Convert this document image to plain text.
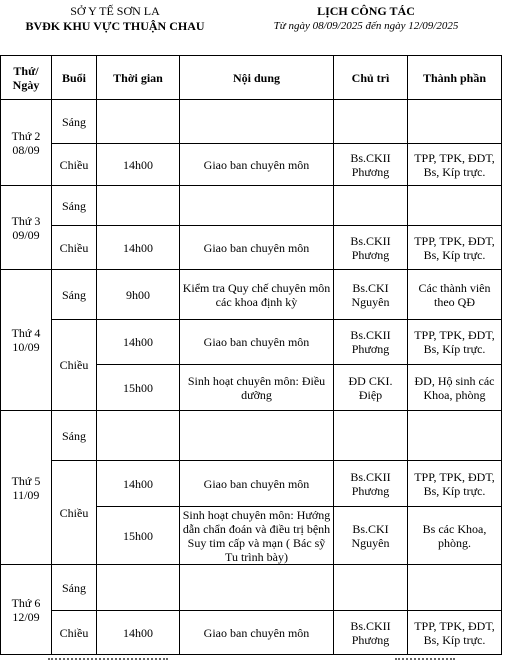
SỞ Y TẾ SƠN LA
BVĐK KHU VỰC THUẬN CHAU
LỊCH CÔNG TÁC
Từ ngày 08/09/2025 đến ngày 12/09/2025
Thứ/ Ngày	Buổi	Thời gian	Nội dung	Chủ trì	Thành phần
Thứ 2 08/09	Sáng				
	Chiều	14h00	Giao ban chuyên môn	Bs.CKII Phương	TPP, TPK, ĐDT, Bs, Kíp trực.
Thứ 3 09/09	Sáng				
	Chiều	14h00	Giao ban chuyên môn	Bs.CKII Phương	TPP, TPK, ĐDT, Bs, Kíp trực.
Thứ 4 10/09	Sáng	9h00	Kiểm tra Quy chế chuyên môn các khoa định kỳ	Bs.CKI Nguyên	Các thành viên theo QĐ
	Chiều	14h00	Giao ban chuyên môn	Bs.CKII Phương	TPP, TPK, ĐDT, Bs, Kíp trực.
		15h00	Sinh hoạt chuyên môn: Điều dưỡng	ĐD CKI. Điệp	ĐD, Hộ sinh các Khoa, phòng
Thứ 5 11/09	Sáng				
	Chiều	14h00	Giao ban chuyên môn	Bs.CKII Phương	TPP, TPK, ĐDT, Bs, Kíp trực.
		15h00	Sinh hoạt chuyên môn: Hướng dẫn chẩn đoán và điều trị bệnh Suy tim cấp và mạn ( Bác sỹ Tu trình bày)	Bs.CKI Nguyên	Bs các Khoa, phòng.
Thứ 6 12/09	Sáng				
	Chiều	14h00	Giao ban chuyên môn	Bs.CKII Phương	TPP, TPK, ĐDT, Bs, Kíp trực.
